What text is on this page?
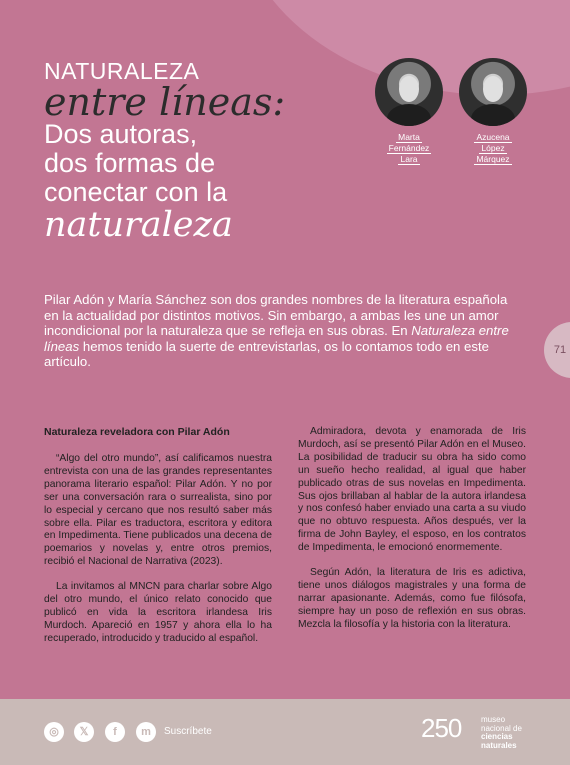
NATURALEZA
entre líneas:
Dos autoras,
dos formas de
conectar con la
naturaleza
Marta
Fernández
Lara
Azucena
López
Márquez
Pilar Adón y María Sánchez son dos grandes nombres de la literatura española en la actualidad por distintos motivos. Sin embargo, a ambas les une un amor incondicional por la naturaleza que se refleja en sus obras. En Naturaleza entre líneas hemos tenido la suerte de entrevistarlas, os lo contamos todo en este artículo.
71
Naturaleza reveladora con Pilar Adón

“Algo del otro mundo”, así calificamos nuestra entrevista con una de las grandes representantes panorama literario español: Pilar Adón. Y no por ser una conversación rara o surrealista, sino por lo especial y cercano que nos resultó saber más sobre ella. Pilar es traductora, escritora y editora en Impedimenta. Tiene publicados una decena de poemarios y novelas y, entre otros premios, recibió el Nacional de Narrativa (2023).

La invitamos al MNCN para charlar sobre Algo del otro mundo, el único relato conocido que publicó en vida la escritora irlandesa Iris Murdoch. Apareció en 1957 y ahora ella lo ha recuperado, introducido y traducido al español.

Admiradora, devota y enamorada de Iris Murdoch, así se presentó Pilar Adón en el Museo. La posibilidad de traducir su obra ha sido como un sueño hecho realidad, al igual que haber publicado otras de sus novelas en Impedimenta. Sus ojos brillaban al hablar de la autora irlandesa y nos confesó haber enviado una carta a su viudo que no obtuvo respuesta. Años después, ver la firma de John Bayley, el esposo, en los contratos de Impedimenta, le emocionó enormemente.

Según Adón, la literatura de Iris es adictiva, tiene unos diálogos magistrales y una forma de narrar apasionante. Además, como fue filósofa, siempre hay un poso de reflexión en sus obras. Mezcla la filosofía y la historia con la literatura.

◎	𝕏	f	m	Suscríbete	250 museo
nacional de
ciencias
naturales
